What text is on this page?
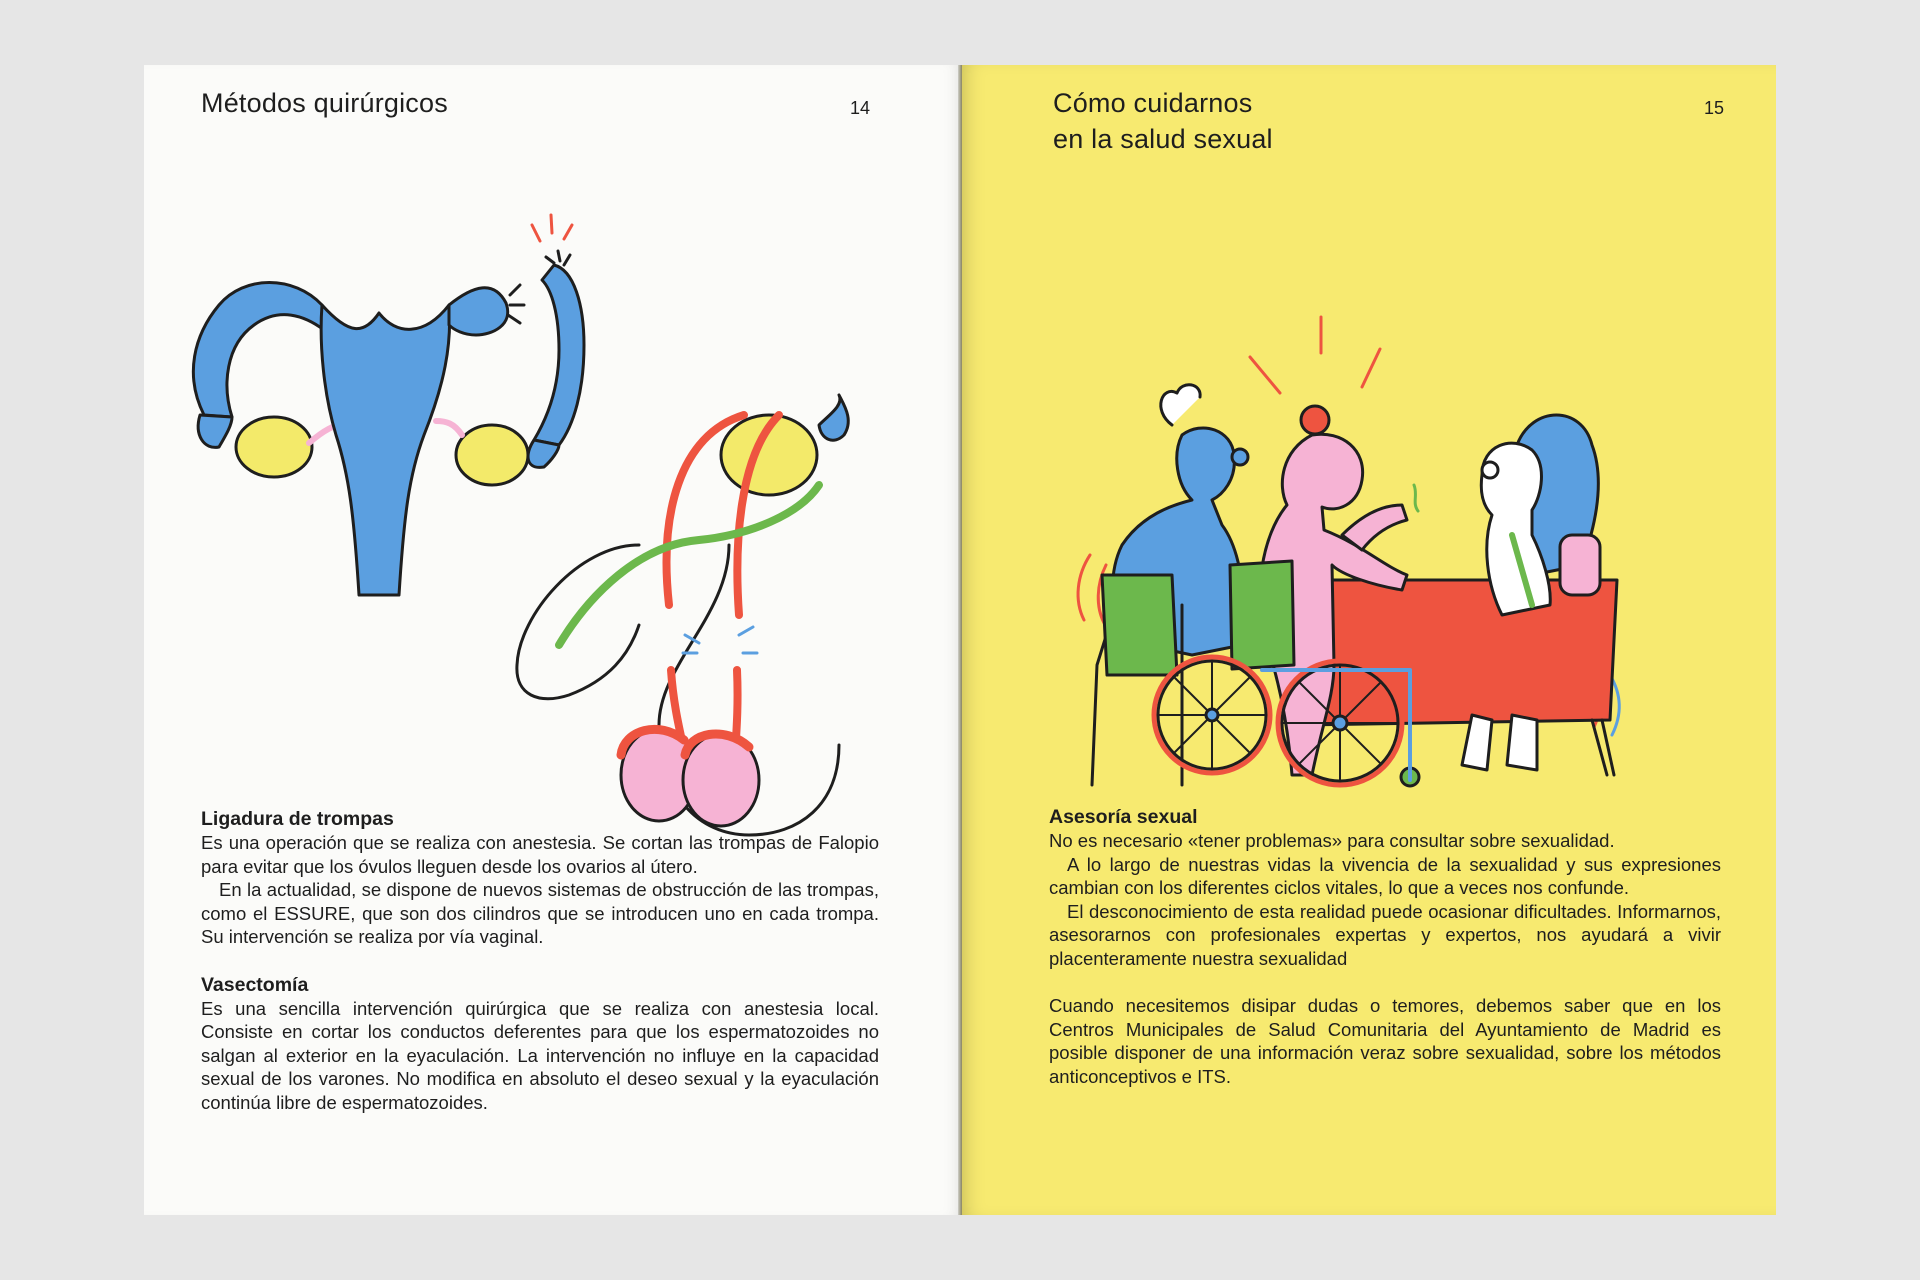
Métodos quirúrgicos	14
Ligadura de trompas

Es una operación que se realiza con anestesia. Se cortan las trompas de Falopio para evitar que los óvulos lleguen desde los ovarios al útero.

En la actualidad, se dispone de nuevos sistemas de obstrucción de las trompas, como el ESSURE, que son dos cilindros que se introducen uno en cada trompa. Su intervención se realiza por vía vaginal.

Vasectomía

Es una sencilla intervención quirúrgica que se realiza con anestesia local. Consiste en cortar los conductos deferentes para que los espermatozoides no salgan al exterior en la eyaculación. La intervención no influye en la capacidad sexual de los varones. No modifica en absoluto el deseo sexual y la eyaculación continúa libre de espermatozoides.

Cómo cuidarnos
en la salud sexual
15
Asesoría sexual

No es necesario «tener problemas» para consultar sobre sexualidad.

A lo largo de nuestras vidas la vivencia de la sexualidad y sus expresiones cambian con los diferentes ciclos vitales, lo que a veces nos confunde.

El desconocimiento de esta realidad puede ocasionar dificultades. Informarnos, asesorarnos con profesionales expertas y expertos, nos ayudará a vivir placenteramente nuestra sexualidad

Cuando necesitemos disipar dudas o temores, debemos saber que en los Centros Municipales de Salud Comunitaria del Ayuntamiento de Madrid es posible disponer de una información veraz sobre sexualidad, sobre los métodos anticonceptivos e ITS.
